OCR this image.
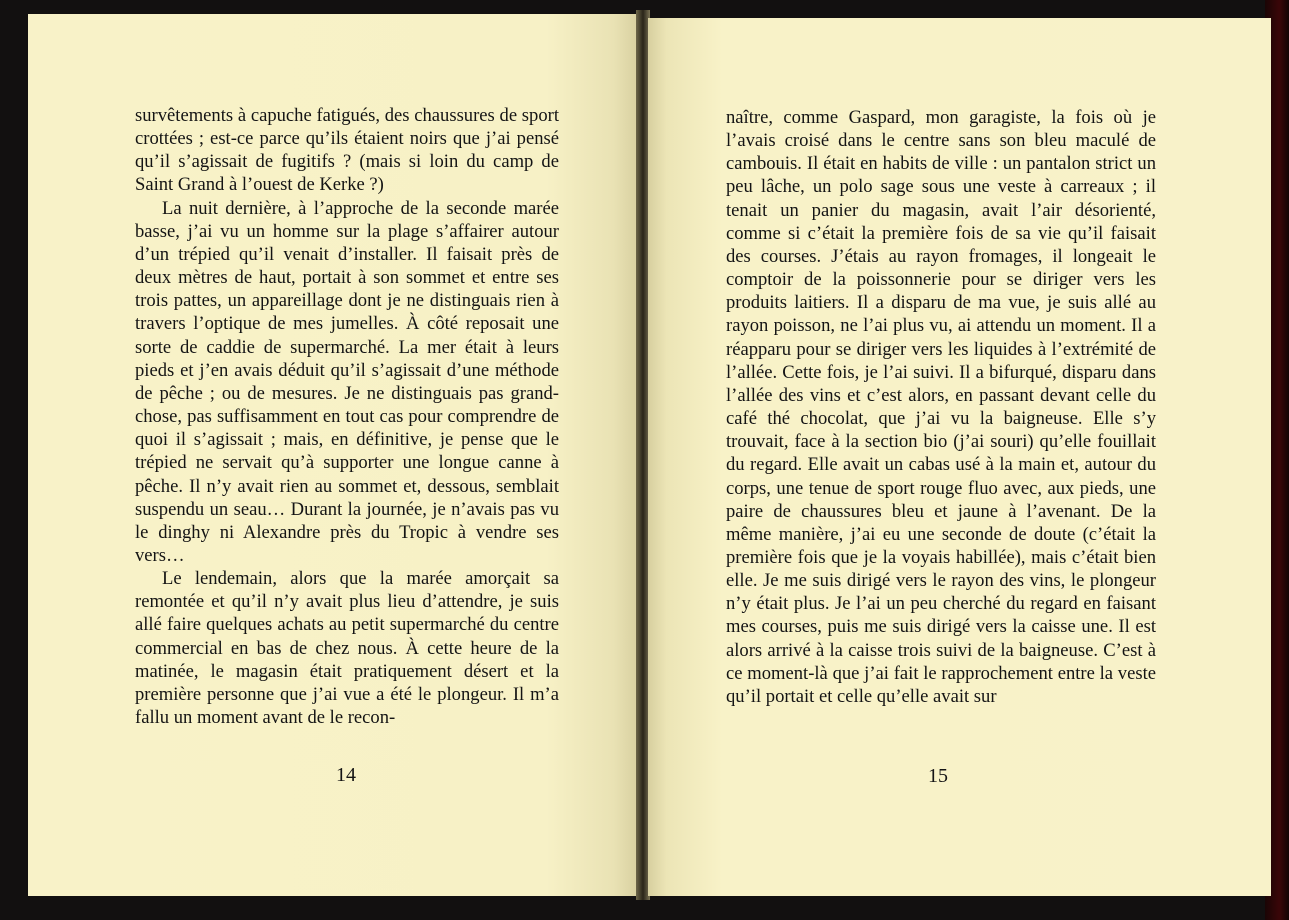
survêtements à capuche fatigués, des chaussures de sport crottées ; est-ce parce qu’ils étaient noirs que j’ai pensé qu’il s’agissait de fugitifs ? (mais si loin du camp de Saint Grand à l’ouest de Kerke ?)

La nuit dernière, à l’approche de la seconde marée basse, j’ai vu un homme sur la plage s’affairer autour d’un trépied qu’il venait d’installer. Il faisait près de deux mètres de haut, portait à son sommet et entre ses trois pattes, un appareillage dont je ne distinguais rien à travers l’optique de mes jumelles. À côté reposait une sorte de caddie de supermarché. La mer était à leurs pieds et j’en avais déduit qu’il s’agissait d’une méthode de pêche ; ou de mesures. Je ne distinguais pas grand-chose, pas suffisamment en tout cas pour comprendre de quoi il s’agissait ; mais, en définitive, je pense que le trépied ne servait qu’à supporter une longue canne à pêche. Il n’y avait rien au sommet et, dessous, semblait suspendu un seau… Durant la journée, je n’avais pas vu le dinghy ni Alexandre près du Tropic à vendre ses vers…

Le lendemain, alors que la marée amorçait sa remontée et qu’il n’y avait plus lieu d’attendre, je suis allé faire quelques achats au petit supermarché du centre commercial en bas de chez nous. À cette heure de la matinée, le magasin était pratiquement désert et la première personne que j’ai vue a été le plongeur. Il m’a fallu un moment avant de le recon-

14

naître, comme Gaspard, mon garagiste, la fois où je l’avais croisé dans le centre sans son bleu maculé de cambouis. Il était en habits de ville : un pantalon strict un peu lâche, un polo sage sous une veste à carreaux ; il tenait un panier du magasin, avait l’air désorienté, comme si c’était la première fois de sa vie qu’il faisait des courses. J’étais au rayon fromages, il longeait le comptoir de la poissonnerie pour se diriger vers les produits laitiers. Il a disparu de ma vue, je suis allé au rayon poisson, ne l’ai plus vu, ai attendu un moment. Il a réapparu pour se diriger vers les liquides à l’extrémité de l’allée. Cette fois, je l’ai suivi. Il a bifurqué, disparu dans l’allée des vins et c’est alors, en passant devant celle du café thé chocolat, que j’ai vu la baigneuse. Elle s’y trouvait, face à la section bio (j’ai souri) qu’elle fouillait du regard. Elle avait un cabas usé à la main et, autour du corps, une tenue de sport rouge fluo avec, aux pieds, une paire de chaussures bleu et jaune à l’avenant. De la même manière, j’ai eu une seconde de doute (c’était la première fois que je la voyais habillée), mais c’était bien elle. Je me suis dirigé vers le rayon des vins, le plongeur n’y était plus. Je l’ai un peu cherché du regard en faisant mes courses, puis me suis dirigé vers la caisse une. Il est alors arrivé à la caisse trois suivi de la baigneuse. C’est à ce moment-là que j’ai fait le rapprochement entre la veste qu’il portait et celle qu’elle avait sur

15
